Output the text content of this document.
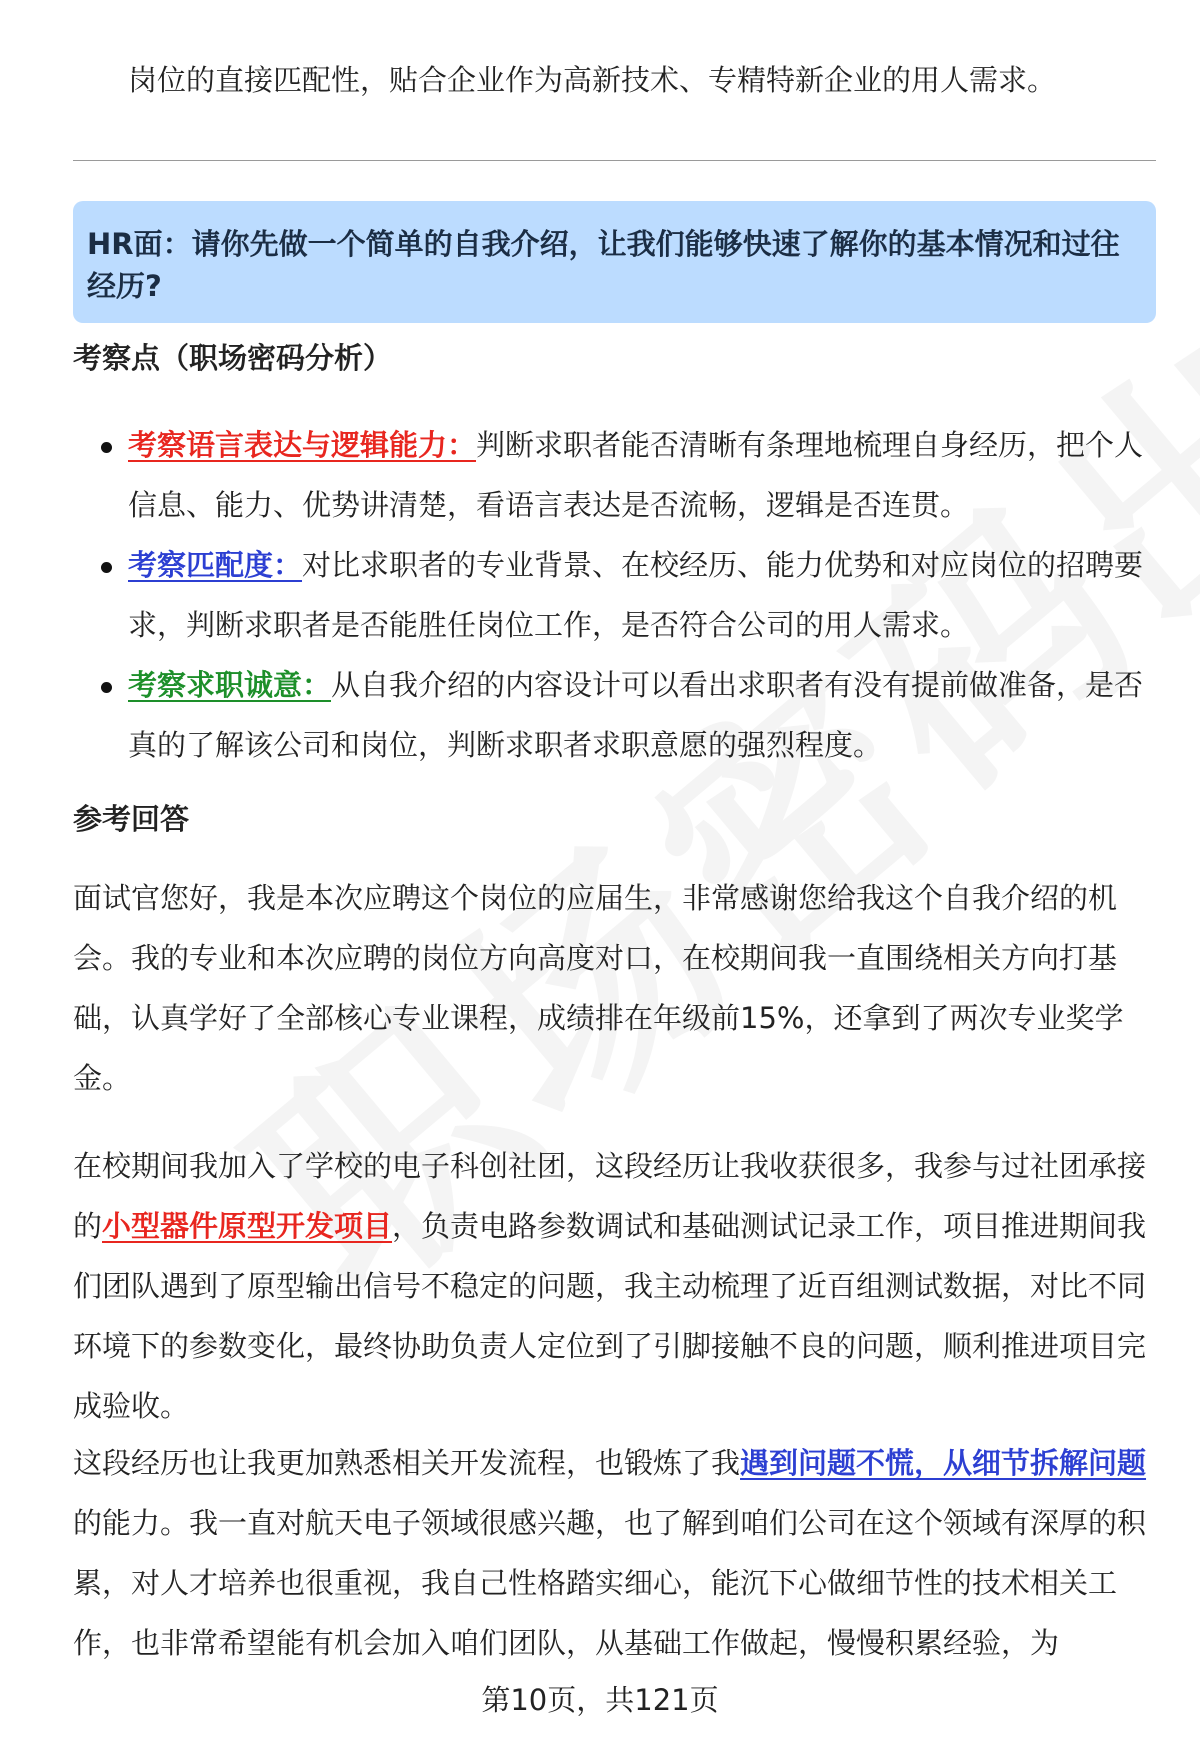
岗位的直接匹配性，贴合企业作为高新技术、专精特新企业的用人需求。
HR面：请你先做一个简单的自我介绍，让我们能够快速了解你的基本情况和过往经历?
考察点（职场密码分析）
考察语言表达与逻辑能力：判断求职者能否清晰有条理地梳理自身经历，把个人信息、能力、优势讲清楚，看语言表达是否流畅，逻辑是否连贯。
考察匹配度：对比求职者的专业背景、在校经历、能力优势和对应岗位的招聘要求，判断求职者是否能胜任岗位工作，是否符合公司的用人需求。
考察求职诚意：从自我介绍的内容设计可以看出求职者有没有提前做准备，是否真的了解该公司和岗位，判断求职者求职意愿的强烈程度。
参考回答

面试官您好，我是本次应聘这个岗位的应届生，非常感谢您给我这个自我介绍的机会。我的专业和本次应聘的岗位方向高度对口，在校期间我一直围绕相关方向打基础，认真学好了全部核心专业课程，成绩排在年级前15%，还拿到了两次专业奖学金。

在校期间我加入了学校的电子科创社团，这段经历让我收获很多，我参与过社团承接的小型器件原型开发项目，负责电路参数调试和基础测试记录工作，项目推进期间我们团队遇到了原型输出信号不稳定的问题，我主动梳理了近百组测试数据，对比不同环境下的参数变化，最终协助负责人定位到了引脚接触不良的问题，顺利推进项目完成验收。

这段经历也让我更加熟悉相关开发流程，也锻炼了我遇到问题不慌，从细节拆解问题的能力。我一直对航天电子领域很感兴趣，也了解到咱们公司在这个领域有深厚的积累，对人才培养也很重视，我自己性格踏实细心，能沉下心做细节性的技术相关工作，也非常希望能有机会加入咱们团队，从基础工作做起，慢慢积累经验，为

第10页，共121页
